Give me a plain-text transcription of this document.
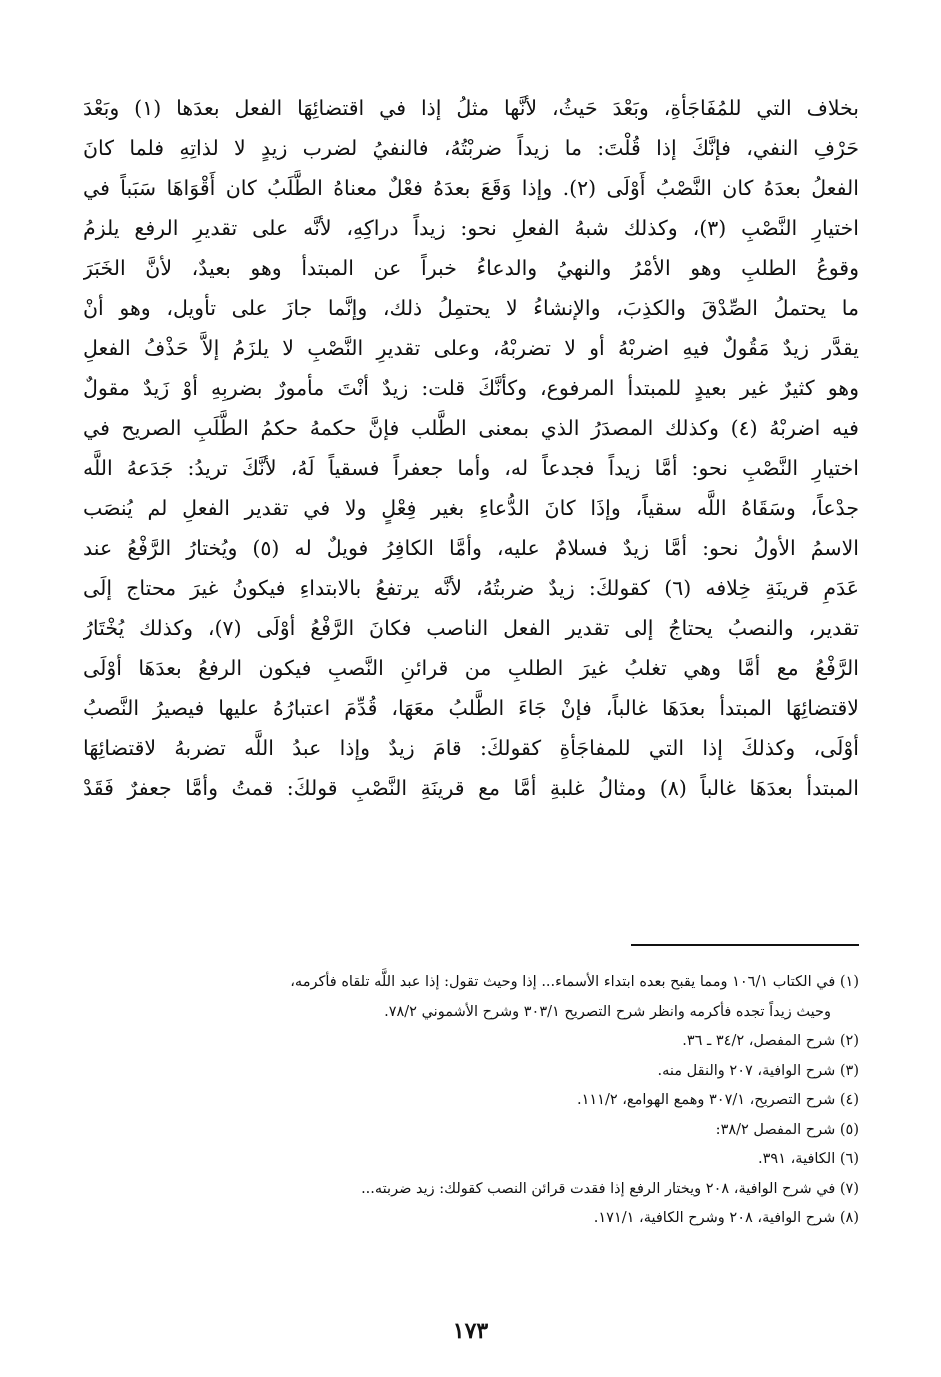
بخلاف التي للمُفَاجَأةِ، وبَعْدَ حَيثُ، لأنَّها مثلُ إذا في اقتضائِهَا الفعل بعدَها (١) وبَعْدَ
حَرْفِ النفي، فإنَّكَ إذا قُلْتَ: ما زيداً ضربْتُهُ، فالنفيُ لضرب زيدٍ لا لذاتِهِ فلما كانَ
الفعلُ بعدَهُ كان النَّصْبُ أَوْلَى (٢). وإذا وَقَعَ بعدَهُ فعْلٌ معناهُ الطَّلَبُ كان أَقْوَاهَا سَبَباً في
اختيارِ النَّصْبِ (٣)، وكذلك شبهُ الفعلِ نحو: زيداً دراكِهِ، لأنَّه على تقديرِ الرفع يلزمُ
وقوعُ الطلبِ وهو الأمْرُ والنهيُ والدعاءُ خبراً عن المبتدأ وهو بعيدٌ، لأنَّ الخَبَرَ
ما يحتملُ الصِّدْقَ والكذِبَ، والإنشاءُ لا يحتمِلُ ذلك، وإنَّما جازَ على تأويل، وهو أنْ
يقدَّر زيدٌ مَقُولٌ فيهِ اضربْهُ أو لا تضربْهُ، وعلى تقديرِ النَّصْبِ لا يلزَمُ إلاَّ حَذْفُ الفعلِ
وهو كثيرٌ غير بعيدٍ للمبتدأ المرفوع، وكأنَّكَ قلت: زيدٌ أنْتَ مأمورٌ بضربِهِ أوْ زَيدٌ مقولٌ
فيه اضربْهُ (٤) وكذلك المصدَرُ الذي بمعنى الطَّلب فإنَّ حكمهُ حكمُ الطَّلَبِ الصريح في
اختيارِ النَّصْبِ نحو: أمَّا زيداً فجدعاً له، وأما جعفراً فسقياً لَهُ، لأنَّكَ تريدُ: جَدَعهُ اللَّه
جدْعاً، وسَقَاهُ اللَّه سقياً، وإذَا كانَ الدُّعاءِ بغير فِعْلٍ ولا في تقدير الفعلِ لم يُنصَب
الاسمُ الأولُ نحو: أمَّا زيدٌ فسلامٌ عليه، وأمَّا الكافِرُ فويلٌ له (٥) ويُختارُ الرَّفْعُ عند
عَدَمِ قرينَةِ خِلافه (٦) كقولكَ: زيدٌ ضربتُهُ، لأنَّه يرتفعُ بالابتداءِ فيكونُ غيرَ محتاج إلَى
تقدير، والنصبُ يحتاجُ إلى تقدير الفعل الناصب فكانَ الرَّفْعُ أوْلَى (٧)، وكذلك يُخْتَارُ
الرَّفْعُ مع أمَّا وهي تغلبُ غيرَ الطلبِ من قرائنِ النَّصبِ فيكون الرفعُ بعدَهَا أوْلَى
لاقتضائِهَا المبتدأ بعدَهَا غالباً، فإنْ جَاءَ الطَّلبُ معَهَا، قُدِّمَ اعتبارُهُ عليها فيصيرُ النَّصبُ
أوْلَى، وكذلكَ إذا التي للمفاجَأةِ كقولكَ: قامَ زيدٌ وإذا عبدُ اللَّه تضربهُ لاقتضائِهَا
المبتدأ بعدَهَا غالباً (٨) ومثالُ غلبةِ أمَّا مع قرينَةِ النَّصْبِ قولكَ: قمتُ وأمَّا جعفرٌ فَقَدْ
(١) في الكتاب ١٠٦/١ ومما يقبح بعده ابتداء الأسماء... إذا وحيث تقول: إذا عبد اللَّه تلقاه فأكرمه،
وحيث زيداً تجده فأكرمه وانظر شرح التصريح ٣٠٣/١ وشرح الأشموني ٧٨/٢.
(٢) شرح المفصل، ٣٤/٢ ـ ٣٦.
(٣) شرح الوافية، ٢٠٧ والنقل منه.
(٤) شرح التصريح، ٣٠٧/١ وهمع الهوامع، ١١١/٢.
(٥) شرح المفصل ٣٨/٢:
(٦) الكافية، ٣٩١.
(٧) في شرح الوافية، ٢٠٨ ويختار الرفع إذا فقدت قرائن النصب كقولك: زيد ضربته...
(٨) شرح الوافية، ٢٠٨ وشرح الكافية، ١٧١/١.
١٧٣
